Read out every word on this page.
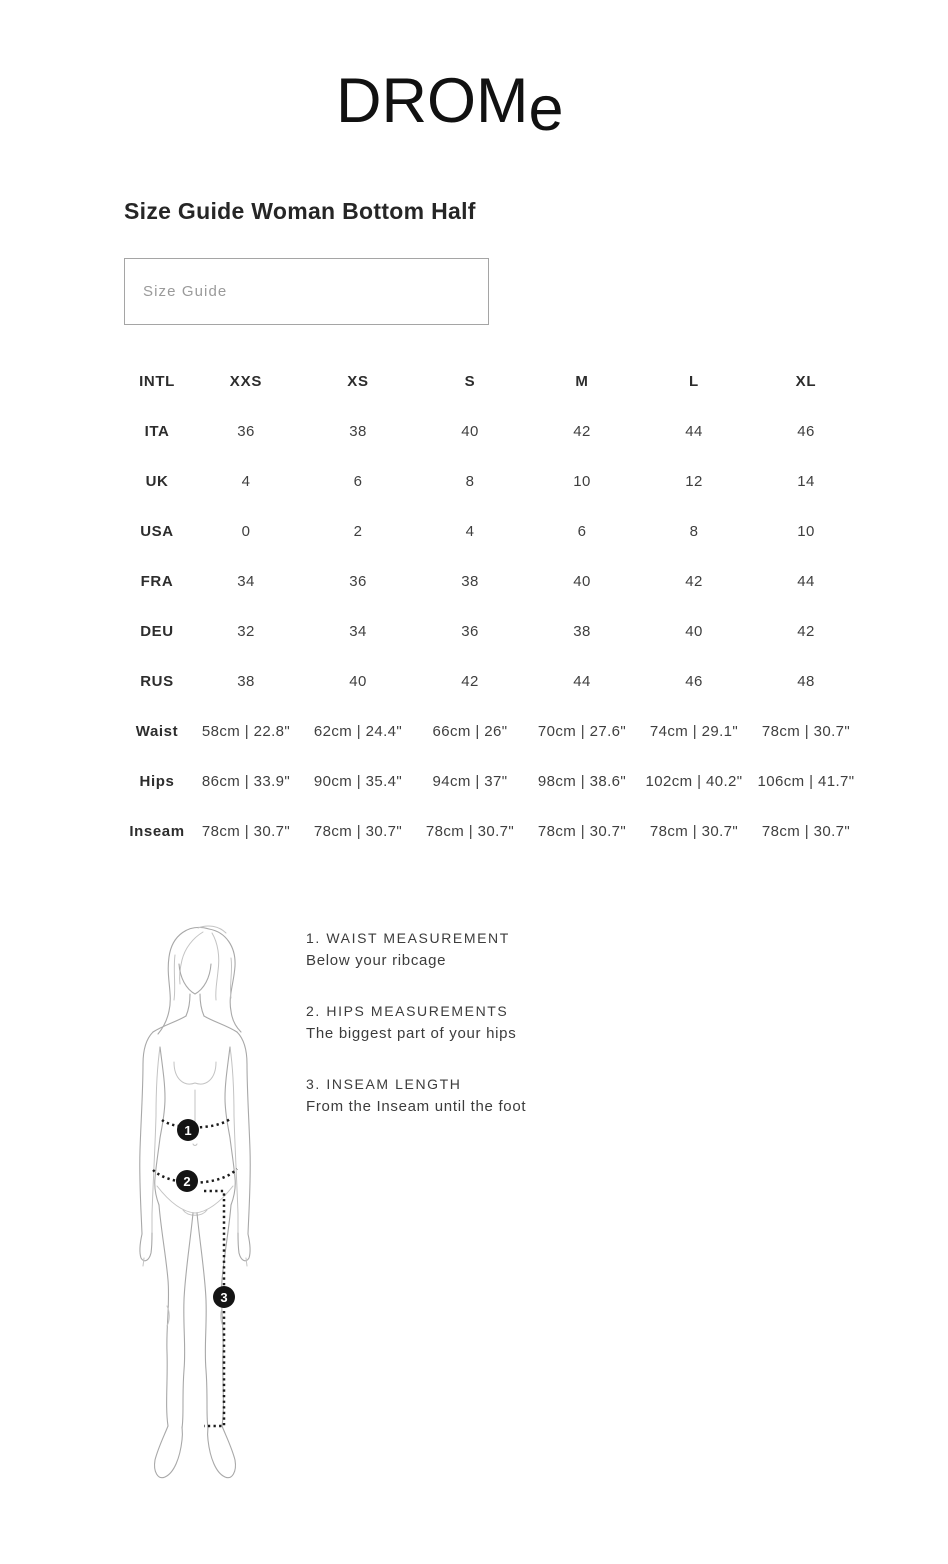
DROMe
Size Guide Woman Bottom Half
Size Guide
INTL	XXS	XS	S	M	L	XL
ITA	36	38	40	42	44	46
UK	4	6	8	10	12	14
USA	0	2	4	6	8	10
FRA	34	36	38	40	42	44
DEU	32	34	36	38	40	42
RUS	38	40	42	44	46	48
Waist	58cm | 22.8"	62cm | 24.4"	66cm | 26"	70cm | 27.6"	74cm | 29.1"	78cm | 30.7"
Hips	86cm | 33.9"	90cm | 35.4"	94cm | 37"	98cm | 38.6"	102cm | 40.2"	106cm | 41.7"
Inseam	78cm | 30.7"	78cm | 30.7"	78cm | 30.7"	78cm | 30.7"	78cm | 30.7"	78cm | 30.7"
1
2
3
1. WAIST MEASUREMENT
Below your ribcage
2. HIPS MEASUREMENTS
The biggest part of your hips
3. INSEAM LENGTH
From the Inseam until the foot
